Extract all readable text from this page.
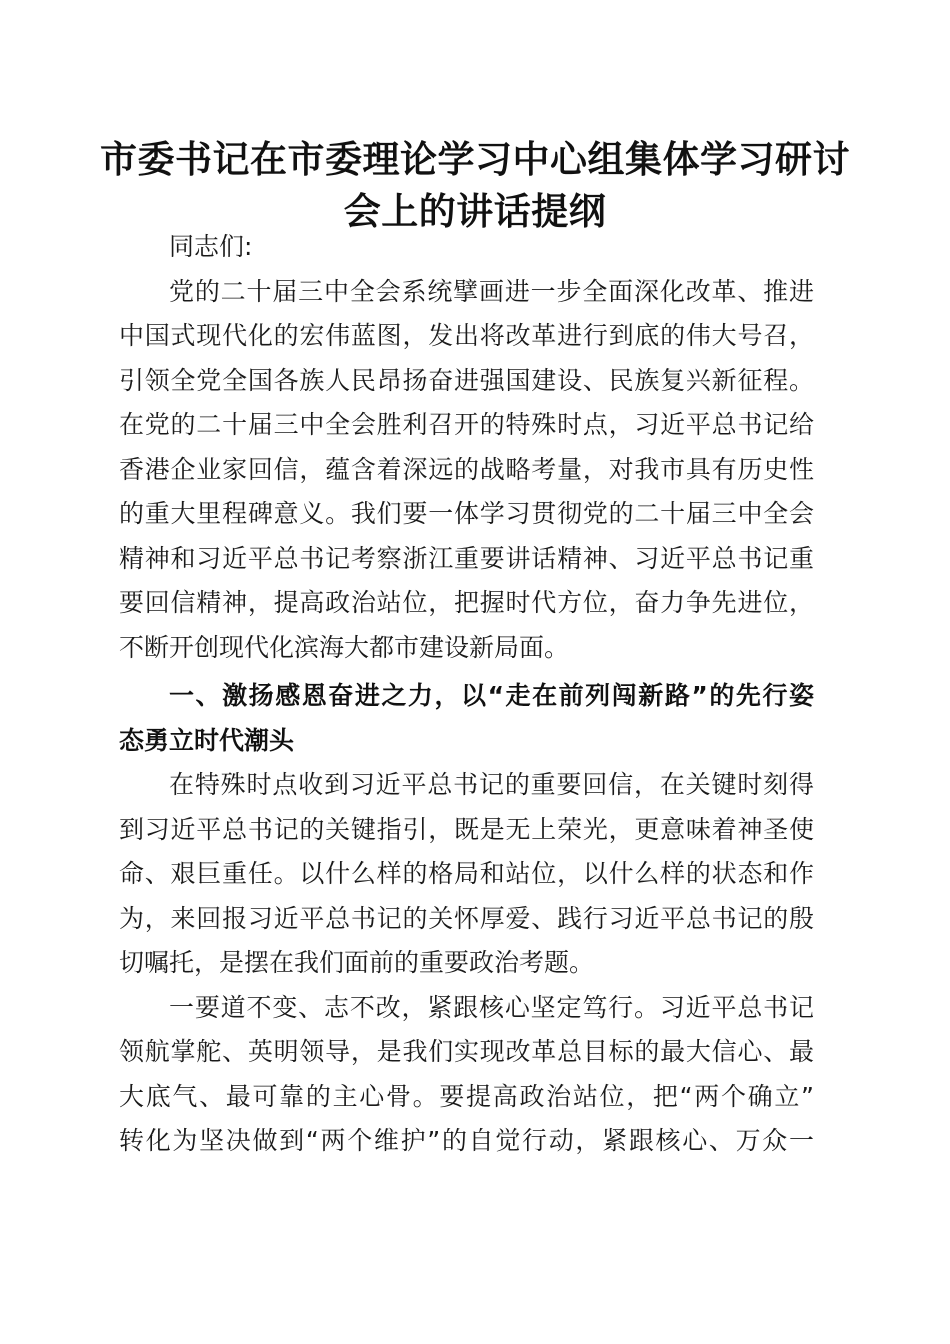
市委书记在市委理论学习中心组集体学习研讨
会上的讲话提纲
同志们:
党的二十届三中全会系统擘画进一步全面深化改革、推进
中国式现代化的宏伟蓝图，发出将改革进行到底的伟大号召，
引领全党全国各族人民昂扬奋进强国建设、民族复兴新征程。
在党的二十届三中全会胜利召开的特殊时点，习近平总书记给
香港企业家回信，蕴含着深远的战略考量，对我市具有历史性
的重大里程碑意义。我们要一体学习贯彻党的二十届三中全会
精神和习近平总书记考察浙江重要讲话精神、习近平总书记重
要回信精神，提高政治站位，把握时代方位，奋力争先进位，
不断开创现代化滨海大都市建设新局面。
一、激扬感恩奋进之力，以“走在前列闯新路”的先行姿
态勇立时代潮头
在特殊时点收到习近平总书记的重要回信，在关键时刻得
到习近平总书记的关键指引，既是无上荣光，更意味着神圣使
命、艰巨重任。以什么样的格局和站位，以什么样的状态和作
为，来回报习近平总书记的关怀厚爱、践行习近平总书记的殷
切嘱托，是摆在我们面前的重要政治考题。
一要道不变、志不改，紧跟核心坚定笃行。习近平总书记
领航掌舵、英明领导，是我们实现改革总目标的最大信心、最
大底气、最可靠的主心骨。要提高政治站位，把“两个确立”
转化为坚决做到“两个维护”的自觉行动，紧跟核心、万众一
